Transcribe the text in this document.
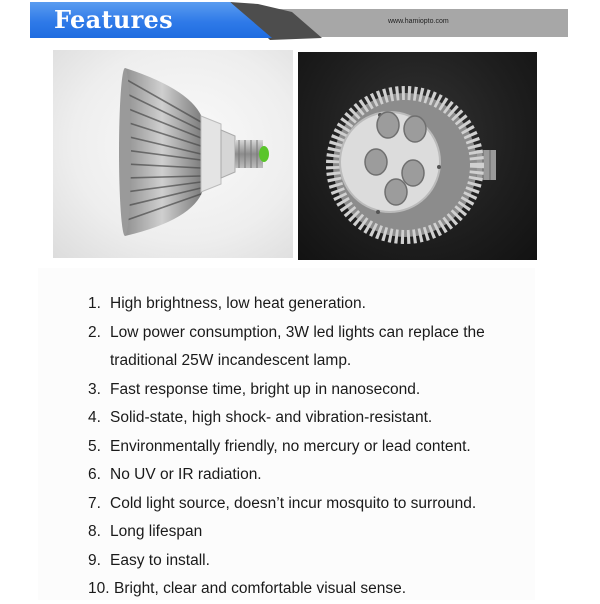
Features	www.hamiopto.com
1. High brightness, low heat generation.
2. Low power consumption, 3W led lights can replace the
traditional 25W incandescent lamp.
3. Fast response time, bright up in nanosecond.
4. Solid-state, high shock- and vibration-resistant.
5. Environmentally friendly, no mercury or lead content.
6. No UV or IR radiation.
7. Cold light source, doesn’t incur mosquito to surround.
8. Long lifespan
9. Easy to install.
10. Bright, clear and comfortable visual sense.
